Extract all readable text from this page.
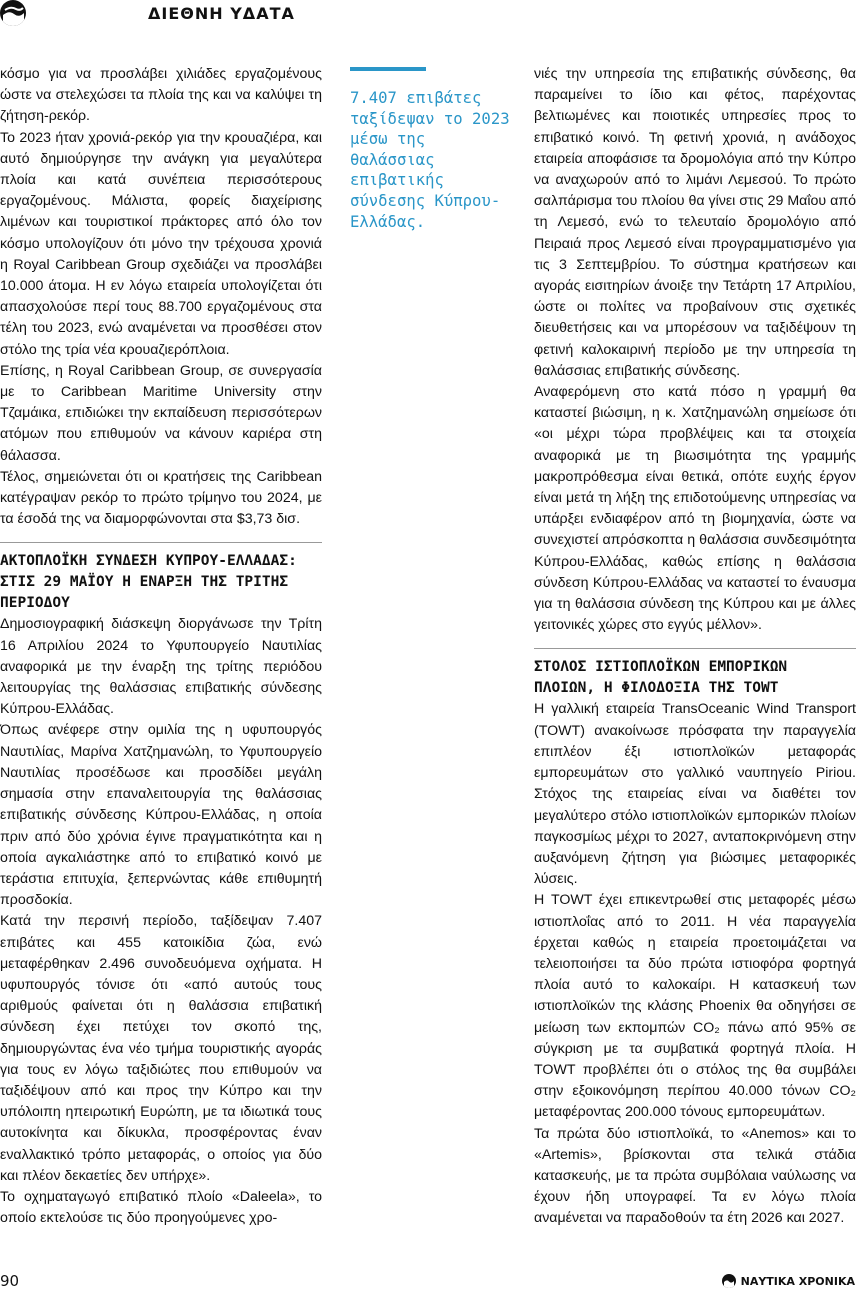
ΔΙΕΘΝΗ ΥΔΑΤΑ

κόσμο για να προσλάβει χιλιάδες εργαζομένους ώστε να στελεχώσει τα πλοία της και να καλύψει τη ζήτηση-ρεκόρ.

Το 2023 ήταν χρονιά-ρεκόρ για την κρουαζιέρα, και αυτό δημιούργησε την ανάγκη για μεγαλύτερα πλοία και κατά συνέπεια περισσότερους εργαζομένους. Μάλιστα, φορείς διαχείρισης λιμένων και τουριστικοί πράκτορες από όλο τον κόσμο υπολογίζουν ότι μόνο την τρέχουσα χρονιά η Royal Caribbean Group σχεδιάζει να προσλάβει 10.000 άτομα. Η εν λόγω εταιρεία υπολογίζεται ότι απασχολούσε περί τους 88.700 εργαζομένους στα τέλη του 2023, ενώ αναμένεται να προσθέσει στον στόλο της τρία νέα κρουαζιερόπλοια.

Επίσης, η Royal Caribbean Group, σε συνεργασία με το Caribbean Maritime University στην Τζαμάικα, επιδιώκει την εκπαίδευση περισσότερων ατόμων που επιθυμούν να κάνουν καριέρα στη θάλασσα.

Τέλος, σημειώνεται ότι οι κρατήσεις της Caribbean κατέγραψαν ρεκόρ το πρώτο τρίμηνο του 2024, με τα έσοδά της να διαμορφώνονται στα $3,73 δισ.

ΑΚΤΟΠΛΟΪΚΗ ΣΥΝΔΕΣΗ ΚΥΠΡΟΥ-ΕΛΛΑΔΑΣ: ΣΤΙΣ 29 ΜΑΪΟΥ Η ΕΝΑΡΞΗ ΤΗΣ ΤΡΙΤΗΣ ΠΕΡΙΟΔΟΥ

Δημοσιογραφική διάσκεψη διοργάνωσε την Τρίτη 16 Απριλίου 2024 το Υφυπουργείο Ναυτιλίας αναφορικά με την έναρξη της τρίτης περιόδου λειτουργίας της θαλάσσιας επιβατικής σύνδεσης Κύπρου-Ελλάδας.

Όπως ανέφερε στην ομιλία της η υφυπουργός Ναυτιλίας, Μαρίνα Χατζημανώλη, το Υφυπουργείο Ναυτιλίας προσέδωσε και προσδίδει μεγάλη σημασία στην επαναλειτουργία της θαλάσσιας επιβατικής σύνδεσης Κύπρου-Ελλάδας, η οποία πριν από δύο χρόνια έγινε πραγματικότητα και η οποία αγκαλιάστηκε από το επιβατικό κοινό με τεράστια επιτυχία, ξεπερνώντας κάθε επιθυμητή προσδοκία.

Κατά την περσινή περίοδο, ταξίδεψαν 7.407 επιβάτες και 455 κατοικίδια ζώα, ενώ μεταφέρθηκαν 2.496 συνοδευόμενα οχήματα. Η υφυπουργός τόνισε ότι «από αυτούς τους αριθμούς φαίνεται ότι η θαλάσσια επιβατική σύνδεση έχει πετύχει τον σκοπό της, δημιουργώντας ένα νέο τμήμα τουριστικής αγοράς για τους εν λόγω ταξιδιώτες που επιθυμούν να ταξιδέψουν από και προς την Κύπρο και την υπόλοιπη ηπειρωτική Ευρώπη, με τα ιδιωτικά τους αυτοκίνητα και δίκυκλα, προσφέροντας έναν εναλλακτικό τρόπο μεταφοράς, ο οποίος για δύο και πλέον δεκαετίες δεν υπήρχε».

Το οχηματαγωγό επιβατικό πλοίο «Daleela», το οποίο εκτελούσε τις δύο προηγούμενες χρο-

7.407 επιβάτες ταξίδεψαν το 2023 μέσω της θαλάσσιας επιβατικής σύνδεσης Κύπρου-Ελλάδας.

νιές την υπηρεσία της επιβατικής σύνδεσης, θα παραμείνει το ίδιο και φέτος, παρέχοντας βελτιωμένες και ποιοτικές υπηρεσίες προς το επιβατικό κοινό. Τη φετινή χρονιά, η ανάδοχος εταιρεία αποφάσισε τα δρομολόγια από την Κύπρο να αναχωρούν από το λιμάνι Λεμεσού. Το πρώτο σαλπάρισμα του πλοίου θα γίνει στις 29 Μαΐου από τη Λεμεσό, ενώ το τελευταίο δρομολόγιο από Πειραιά προς Λεμεσό είναι προγραμματισμένο για τις 3 Σεπτεμβρίου. Το σύστημα κρατήσεων και αγοράς εισιτηρίων άνοιξε την Τετάρτη 17 Απριλίου, ώστε οι πολίτες να προβαίνουν στις σχετικές διευθετήσεις και να μπορέσουν να ταξιδέψουν τη φετινή καλοκαιρινή περίοδο με την υπηρεσία τη θαλάσσιας επιβατικής σύνδεσης.

Αναφερόμενη στο κατά πόσο η γραμμή θα καταστεί βιώσιμη, η κ. Χατζημανώλη σημείωσε ότι «οι μέχρι τώρα προβλέψεις και τα στοιχεία αναφορικά με τη βιωσιμότητα της γραμμής μακροπρόθεσμα είναι θετικά, οπότε ευχής έργον είναι μετά τη λήξη της επιδοτούμενης υπηρεσίας να υπάρξει ενδιαφέρον από τη βιομηχανία, ώστε να συνεχιστεί απρόσκοπτα η θαλάσσια συνδεσιμότητα Κύπρου-Ελλάδας, καθώς επίσης η θαλάσσια σύνδεση Κύπρου-Ελλάδας να καταστεί το έναυσμα για τη θαλάσσια σύνδεση της Κύπρου και με άλλες γειτονικές χώρες στο εγγύς μέλλον».

ΣΤΟΛΟΣ ΙΣΤΙΟΠΛΟΪΚΩΝ ΕΜΠΟΡΙΚΩΝ ΠΛΟΙΩΝ, Η ΦΙΛΟΔΟΞΙΑ ΤΗΣ TOWT

Η γαλλική εταιρεία TransOceanic Wind Transport (TOWT) ανακοίνωσε πρόσφατα την παραγγελία επιπλέον έξι ιστιοπλοϊκών μεταφοράς εμπορευμάτων στο γαλλικό ναυπηγείο Piriou. Στόχος της εταιρείας είναι να διαθέτει τον μεγαλύτερο στόλο ιστιοπλοϊκών εμπορικών πλοίων παγκοσμίως μέχρι το 2027, ανταποκρινόμενη στην αυξανόμενη ζήτηση για βιώσιμες μεταφορικές λύσεις.

Η TOWT έχει επικεντρωθεί στις μεταφορές μέσω ιστιοπλοΐας από το 2011. Η νέα παραγγελία έρχεται καθώς η εταιρεία προετοιμάζεται να τελειοποιήσει τα δύο πρώτα ιστιοφόρα φορτηγά πλοία αυτό το καλοκαίρι. Η κατασκευή των ιστιοπλοϊκών της κλάσης Phoenix θα οδηγήσει σε μείωση των εκπομπών CO₂ πάνω από 95% σε σύγκριση με τα συμβατικά φορτηγά πλοία. Η TOWT προβλέπει ότι ο στόλος της θα συμβάλει στην εξοικονόμηση περίπου 40.000 τόνων CO₂ μεταφέροντας 200.000 τόνους εμπορευμάτων.

Τα πρώτα δύο ιστιοπλοϊκά, το «Anemos» και το «Artemis», βρίσκονται στα τελικά στάδια κατασκευής, με τα πρώτα συμβόλαια ναύλωσης να έχουν ήδη υπογραφεί. Τα εν λόγω πλοία αναμένεται να παραδοθούν τα έτη 2026 και 2027.

90	ΝΑΥΤΙΚΑ ΧΡΟΝΙΚΑ
